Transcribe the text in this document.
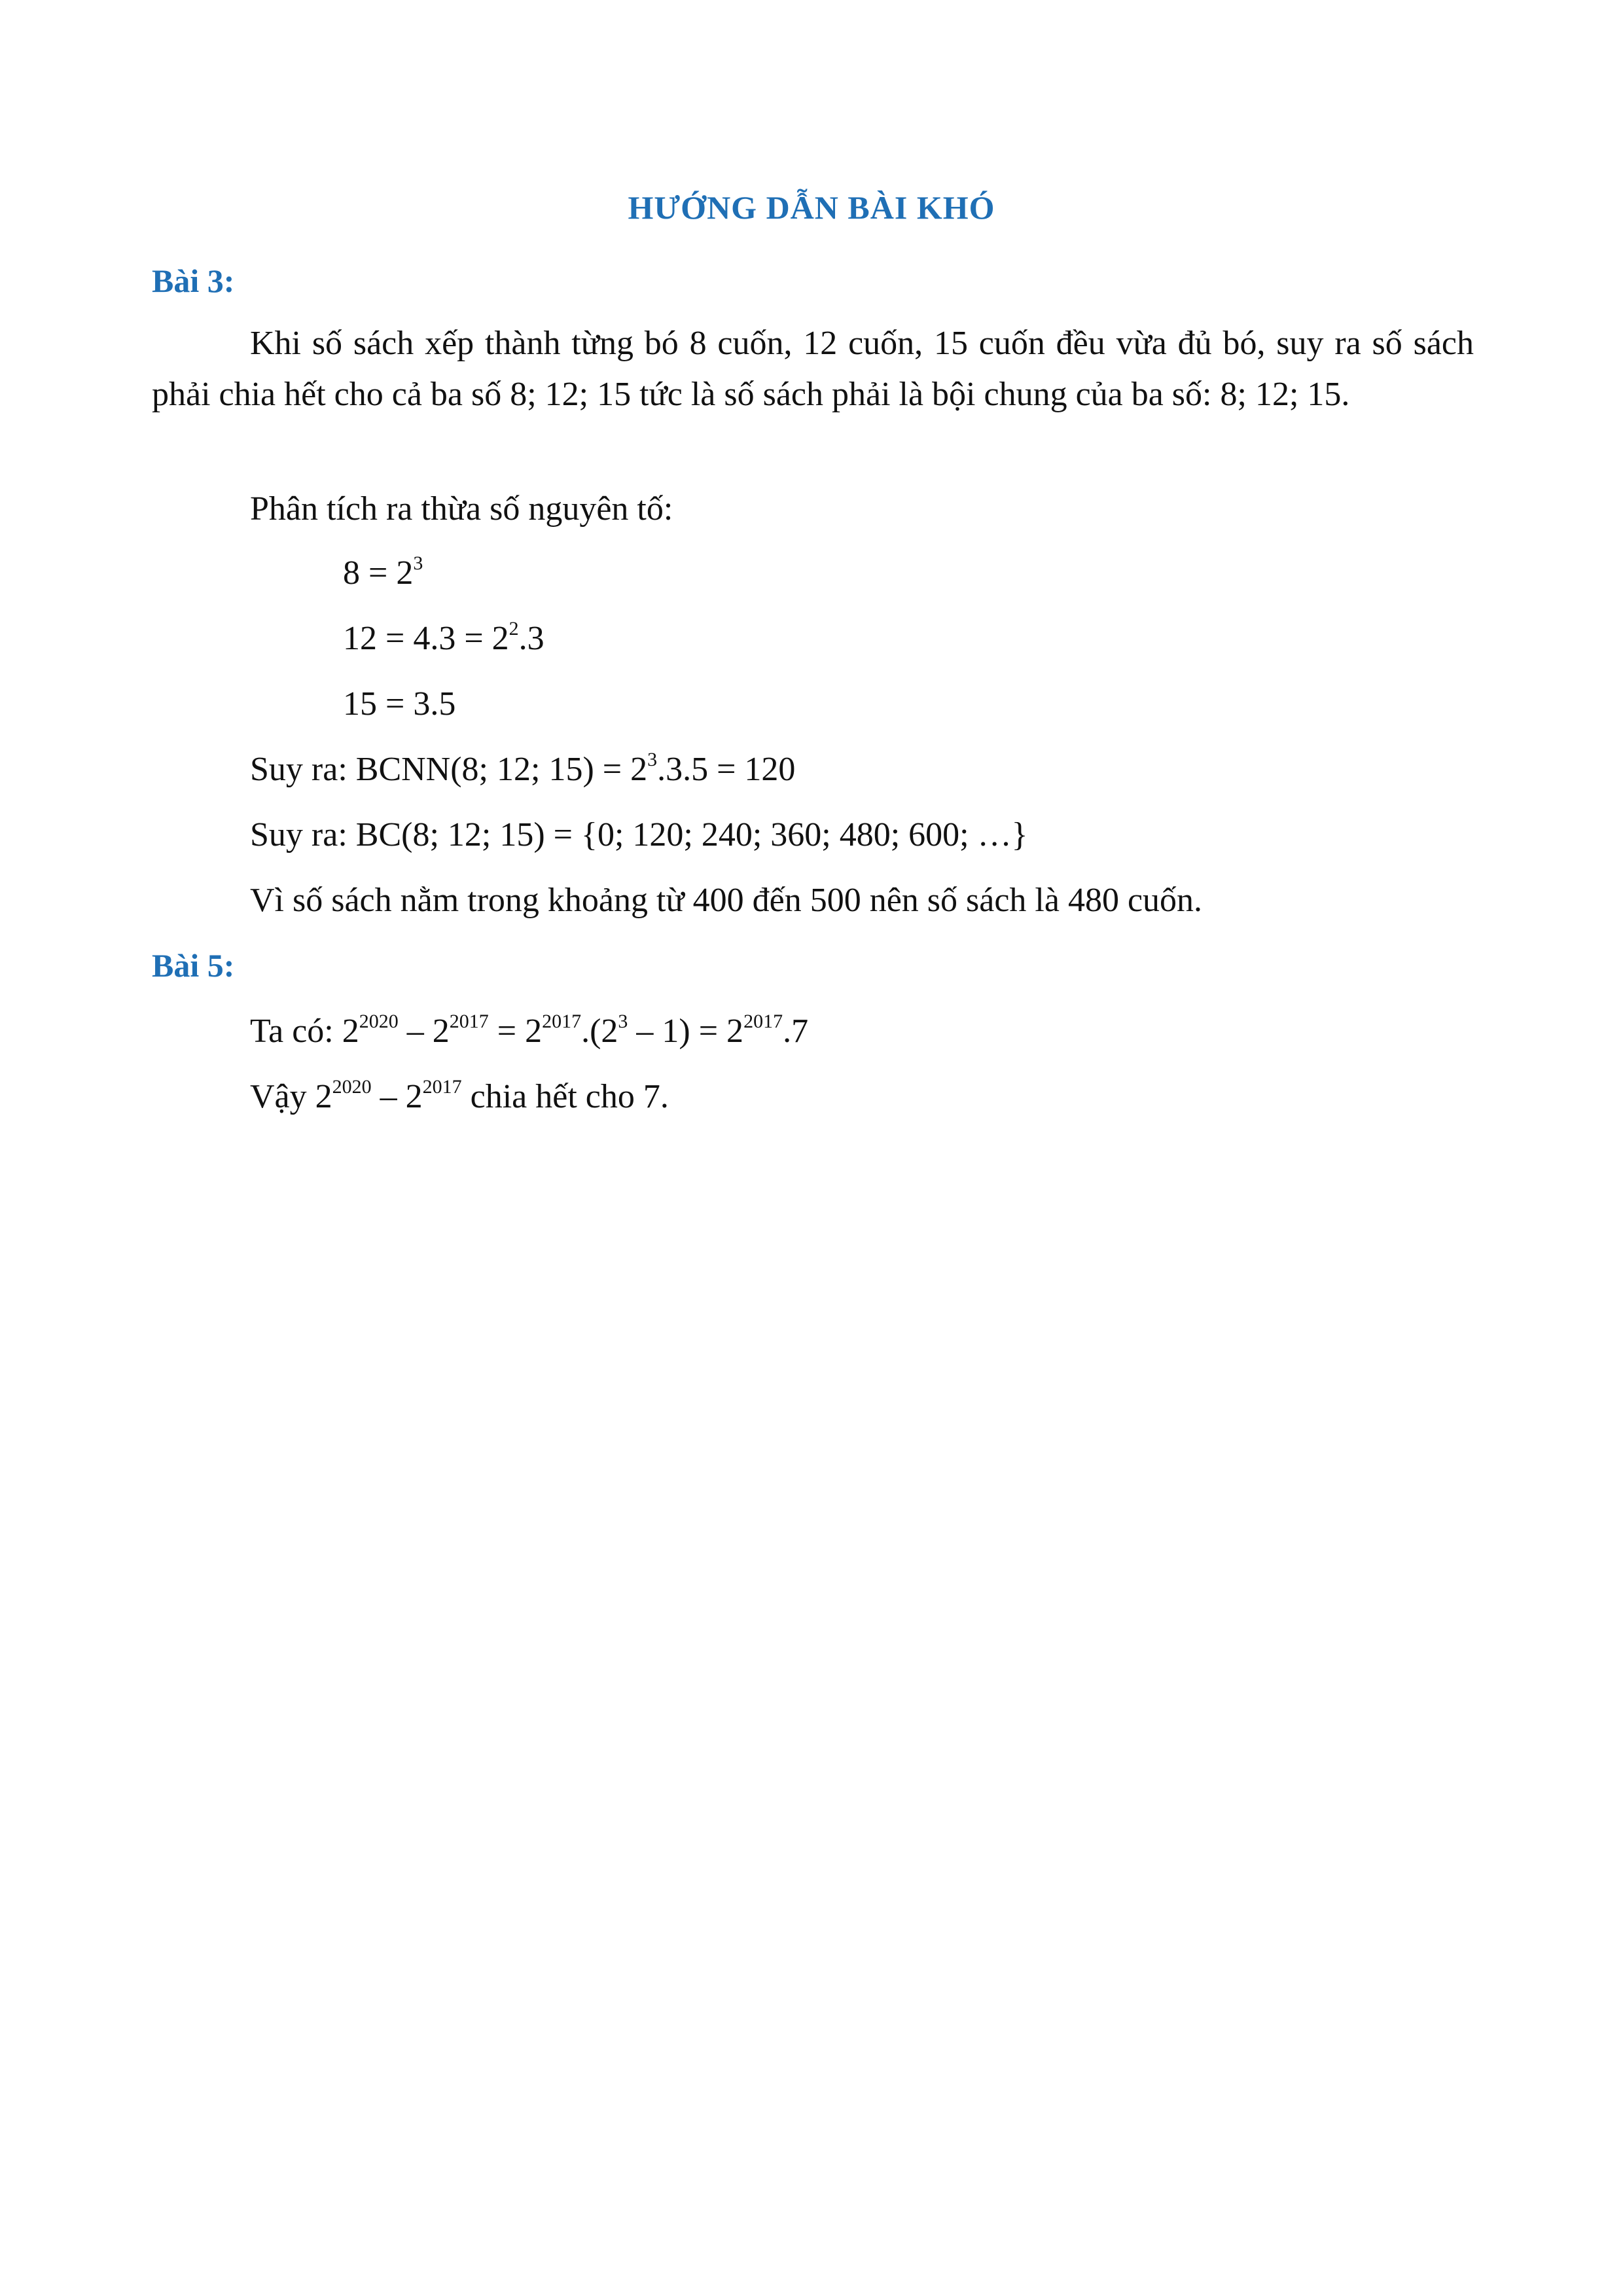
HƯỚNG DẪN BÀI KHÓ
Bài 3:
Khi số sách xếp thành từng bó 8 cuốn, 12 cuốn, 15 cuốn đều vừa đủ bó, suy ra số sách phải chia hết cho cả ba số 8; 12; 15 tức là số sách phải là bội chung của ba số: 8; 12; 15.
Phân tích ra thừa số nguyên tố:
$8 = 2^3$
$12 = 4.3 = 2^2.3$
15 = 3.5
Suy ra: BCNN(8; 12; $15) = 2^3.3.5 = 120$
Suy ra: BC(8; 12; 15) = {0; 120; 240; 360; 480; 600; …}
Vì số sách nằm trong khoảng từ 400 đến 500 nên số sách là 480 cuốn.
Bài 5:
Ta có: $2^{2020} - 2^{2017} = 2^{2017}.(2^3 - 1) = 2^{2017}.7$
Vậy $2^{2020} - 2^{2017}$ chia hết cho 7.
